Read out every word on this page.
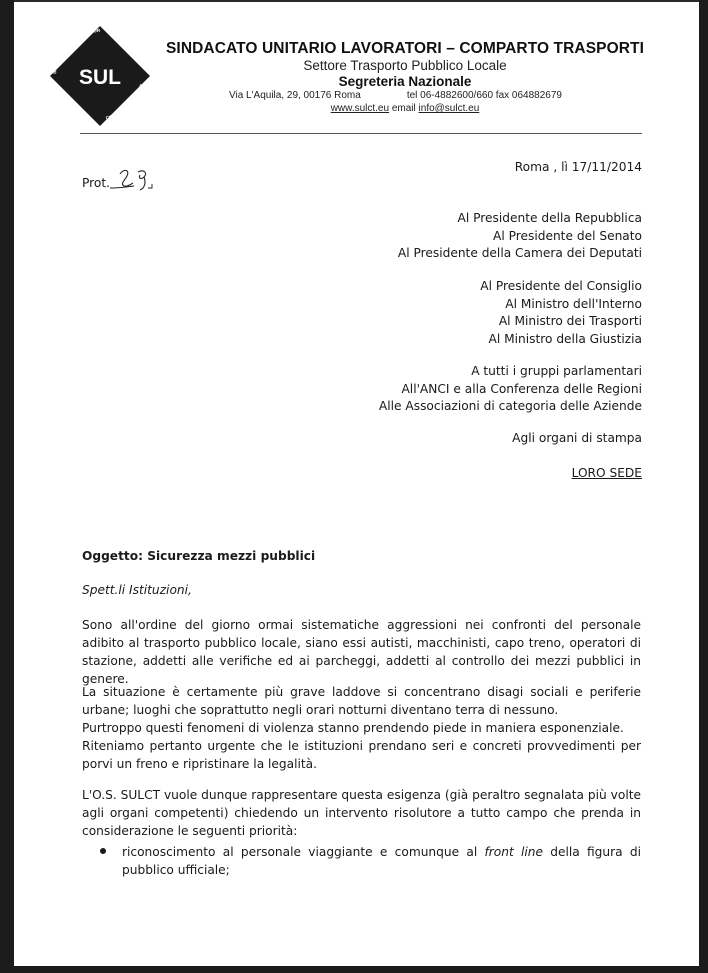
SUL
SINDACATO UNITARIO LAVOR
COMPARTO TRASPORTI
SINDACATO UNITARIO LAVORATORI – COMPARTO TRASPORTI
Settore Trasporto Pubblico Locale
Segreteria Nazionale
Via L'Aquila, 29, 00176 Roma	tel 06-4882600/660 fax 064882679
www.sulct.eu email info@sulct.eu
Roma , lì 17/11/2014
Prot.
Al Presidente della Repubblica
Al Presidente del Senato
Al Presidente della Camera dei Deputati
Al Presidente del Consiglio
Al Ministro dell'Interno
Al Ministro dei Trasporti
Al Ministro della Giustizia
A tutti i gruppi parlamentari
All'ANCI e alla Conferenza delle Regioni
Alle Associazioni di categoria delle Aziende
Agli organi di stampa
LORO SEDE
Oggetto: Sicurezza mezzi pubblici
Spett.li Istituzioni,
Sono all'ordine del giorno ormai sistematiche aggressioni nei confronti del personale adibito al trasporto pubblico locale, siano essi autisti, macchinisti, capo treno, operatori di stazione, addetti alle verifiche ed ai parcheggi, addetti al controllo dei mezzi pubblici in genere.
La situazione è certamente più grave laddove si concentrano disagi sociali e periferie urbane; luoghi che soprattutto negli orari notturni diventano terra di nessuno.
Purtroppo questi fenomeni di violenza stanno prendendo piede in maniera esponenziale.
Riteniamo pertanto urgente che le istituzioni prendano seri e concreti provvedimenti per porvi un freno e ripristinare la legalità.
L'O.S. SULCT vuole dunque rappresentare questa esigenza (già peraltro segnalata più volte agli organi competenti) chiedendo un intervento risolutore a tutto campo che prenda in considerazione le seguenti priorità:
riconoscimento al personale viaggiante e comunque al front line della figura di pubblico ufficiale;
